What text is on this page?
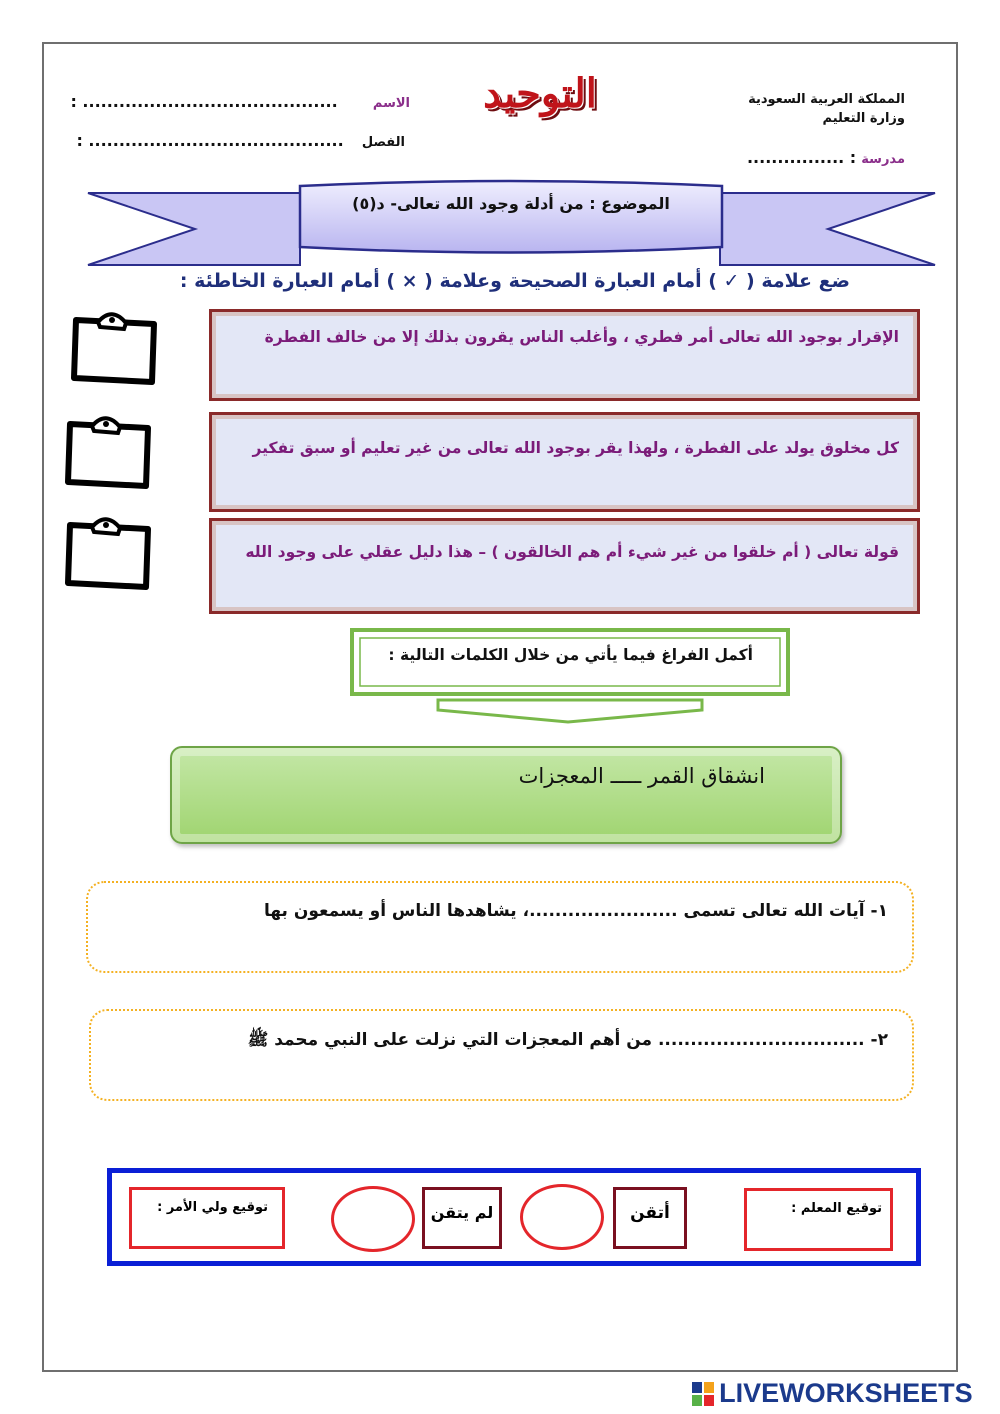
المملكة العربية السعودية
وزارة التعليم
مدرسة : ................
التوحيد
الاسم  .......................................... :
الفصل  .......................................... :
الموضوع : من أدلة وجود الله تعالى- د(٥)
ضع علامة ( ✓ ) أمام العبارة الصحيحة وعلامة ( × ) أمام العبارة الخاطئة :
الإقرار بوجود الله تعالى أمر فطري ، وأغلب الناس يقرون بذلك إلا من خالف الفطرة
كل مخلوق يولد على الفطرة ، ولهذا يقر بوجود الله تعالى من غير تعليم أو سبق تفكير
قولة تعالى ( أم خلقوا من غير شيء أم هم الخالقون ) – هذا دليل عقلي على وجود الله
أكمل الفراغ فيما يأتي من خلال الكلمات التالية :
انشقاق القمر ـــــ المعجزات
١- آيات الله تعالى تسمى .......................، يشاهدها الناس أو يسمعون بها
٢- ................................ من أهم المعجزات التي نزلت على النبي محمد ﷺ
توقيع المعلم :
أتقن
لم يتقن
توقيع ولي الأمر :
LIVEWORKSHEETS
